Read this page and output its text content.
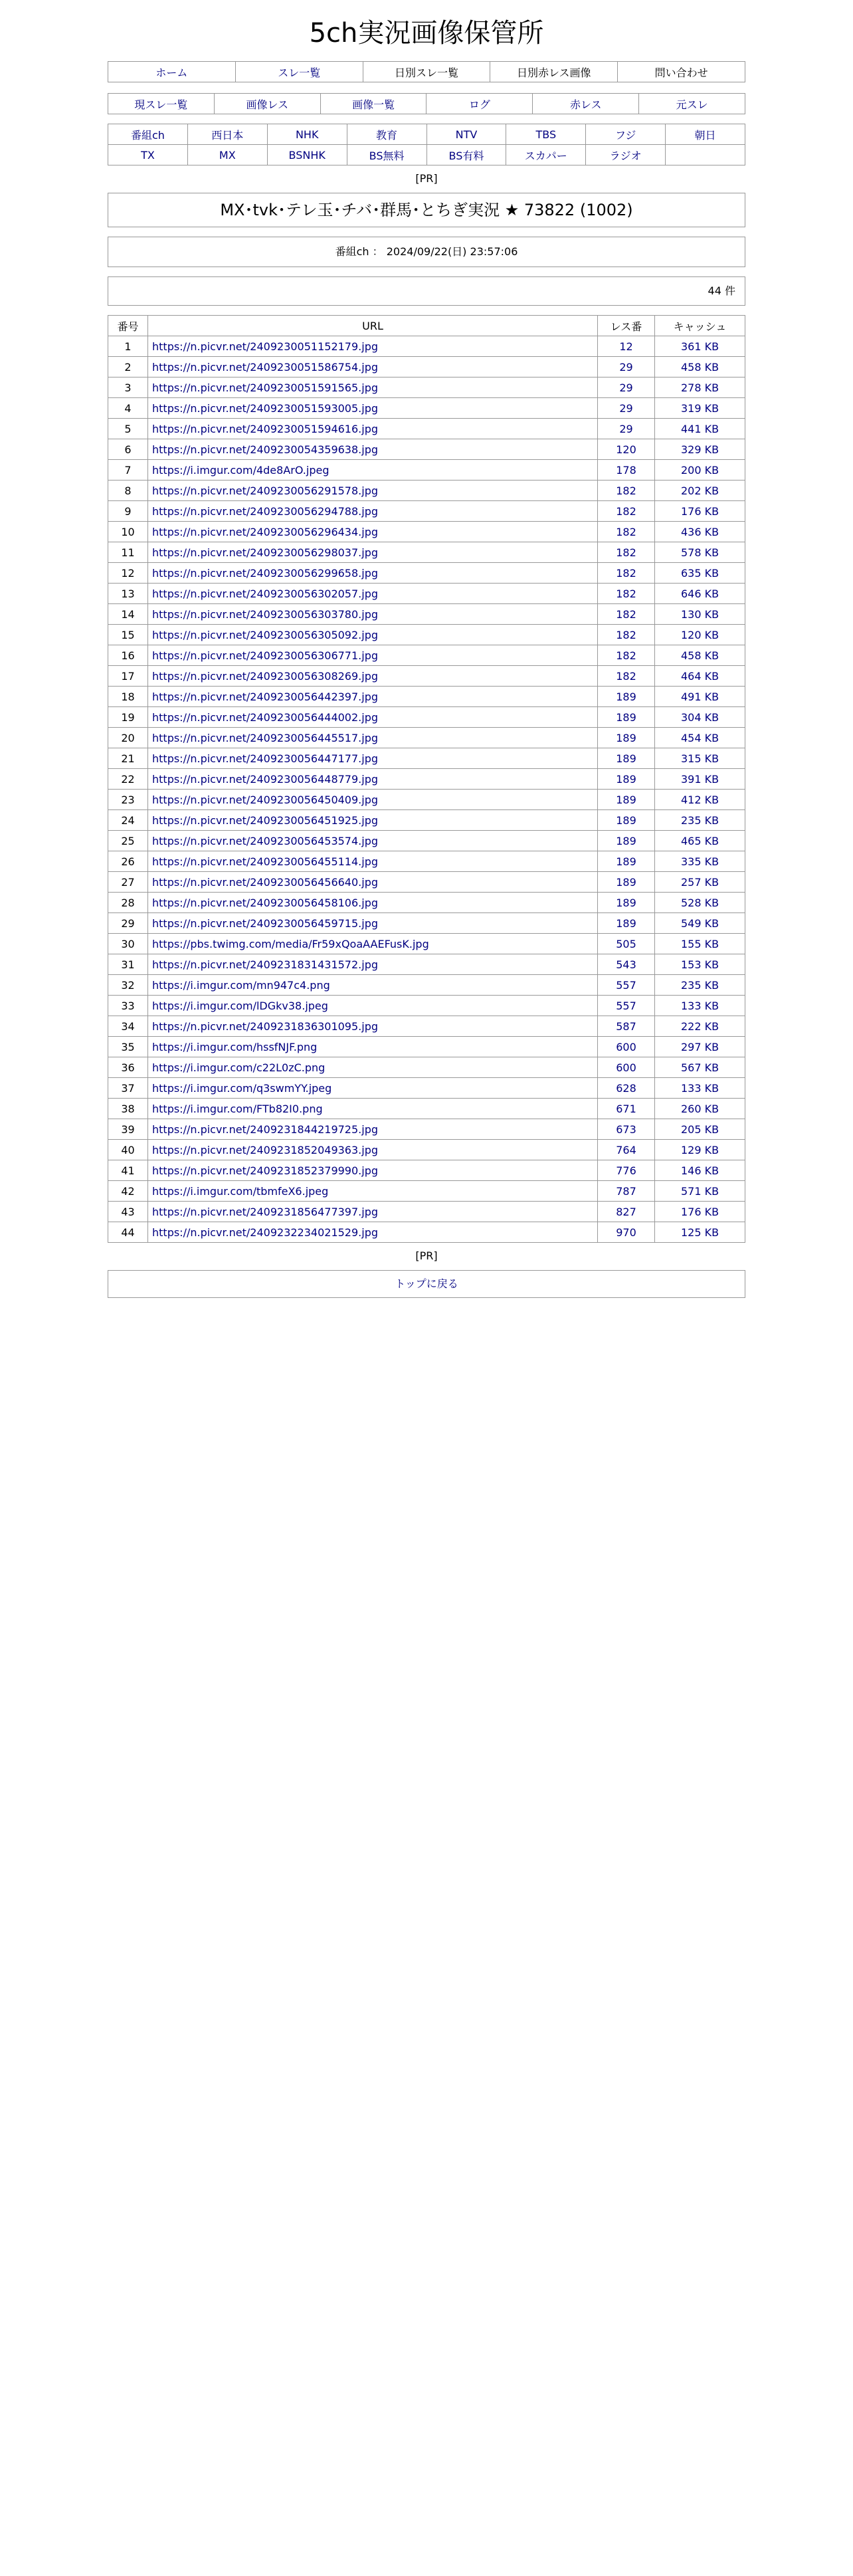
5ch実況画像保管所
ホーム	スレ一覧	日別スレ一覧	日別赤レス画像	問い合わせ
現スレ一覧	画像レス	画像一覧	ログ	赤レス	元スレ
番組ch	西日本	NHK	教育	NTV	TBS	フジ	朝日
TX	MX	BSNHK	BS無料	BS有料	スカパー	ラジオ	
[PR]
MX･tvk･テレ玉･チバ･群馬･とちぎ実況 ★ 73822 (1002)
番組ch ： 2024/09/22(日) 23:57:06
44 件
番号	URL	レス番	キャッシュ
1	https://n.picvr.net/2409230051152179.jpg	12	361 KB
2	https://n.picvr.net/2409230051586754.jpg	29	458 KB
3	https://n.picvr.net/2409230051591565.jpg	29	278 KB
4	https://n.picvr.net/2409230051593005.jpg	29	319 KB
5	https://n.picvr.net/2409230051594616.jpg	29	441 KB
6	https://n.picvr.net/2409230054359638.jpg	120	329 KB
7	https://i.imgur.com/4de8ArO.jpeg	178	200 KB
8	https://n.picvr.net/2409230056291578.jpg	182	202 KB
9	https://n.picvr.net/2409230056294788.jpg	182	176 KB
10	https://n.picvr.net/2409230056296434.jpg	182	436 KB
11	https://n.picvr.net/2409230056298037.jpg	182	578 KB
12	https://n.picvr.net/2409230056299658.jpg	182	635 KB
13	https://n.picvr.net/2409230056302057.jpg	182	646 KB
14	https://n.picvr.net/2409230056303780.jpg	182	130 KB
15	https://n.picvr.net/2409230056305092.jpg	182	120 KB
16	https://n.picvr.net/2409230056306771.jpg	182	458 KB
17	https://n.picvr.net/2409230056308269.jpg	182	464 KB
18	https://n.picvr.net/2409230056442397.jpg	189	491 KB
19	https://n.picvr.net/2409230056444002.jpg	189	304 KB
20	https://n.picvr.net/2409230056445517.jpg	189	454 KB
21	https://n.picvr.net/2409230056447177.jpg	189	315 KB
22	https://n.picvr.net/2409230056448779.jpg	189	391 KB
23	https://n.picvr.net/2409230056450409.jpg	189	412 KB
24	https://n.picvr.net/2409230056451925.jpg	189	235 KB
25	https://n.picvr.net/2409230056453574.jpg	189	465 KB
26	https://n.picvr.net/2409230056455114.jpg	189	335 KB
27	https://n.picvr.net/2409230056456640.jpg	189	257 KB
28	https://n.picvr.net/2409230056458106.jpg	189	528 KB
29	https://n.picvr.net/2409230056459715.jpg	189	549 KB
30	https://pbs.twimg.com/media/Fr59xQoaAAEFusK.jpg	505	155 KB
31	https://n.picvr.net/2409231831431572.jpg	543	153 KB
32	https://i.imgur.com/mn947c4.png	557	235 KB
33	https://i.imgur.com/lDGkv38.jpeg	557	133 KB
34	https://n.picvr.net/2409231836301095.jpg	587	222 KB
35	https://i.imgur.com/hssfNJF.png	600	297 KB
36	https://i.imgur.com/c22L0zC.png	600	567 KB
37	https://i.imgur.com/q3swmYY.jpeg	628	133 KB
38	https://i.imgur.com/FTb82I0.png	671	260 KB
39	https://n.picvr.net/2409231844219725.jpg	673	205 KB
40	https://n.picvr.net/2409231852049363.jpg	764	129 KB
41	https://n.picvr.net/2409231852379990.jpg	776	146 KB
42	https://i.imgur.com/tbmfeX6.jpeg	787	571 KB
43	https://n.picvr.net/2409231856477397.jpg	827	176 KB
44	https://n.picvr.net/2409232234021529.jpg	970	125 KB
[PR]
トップに戻る
